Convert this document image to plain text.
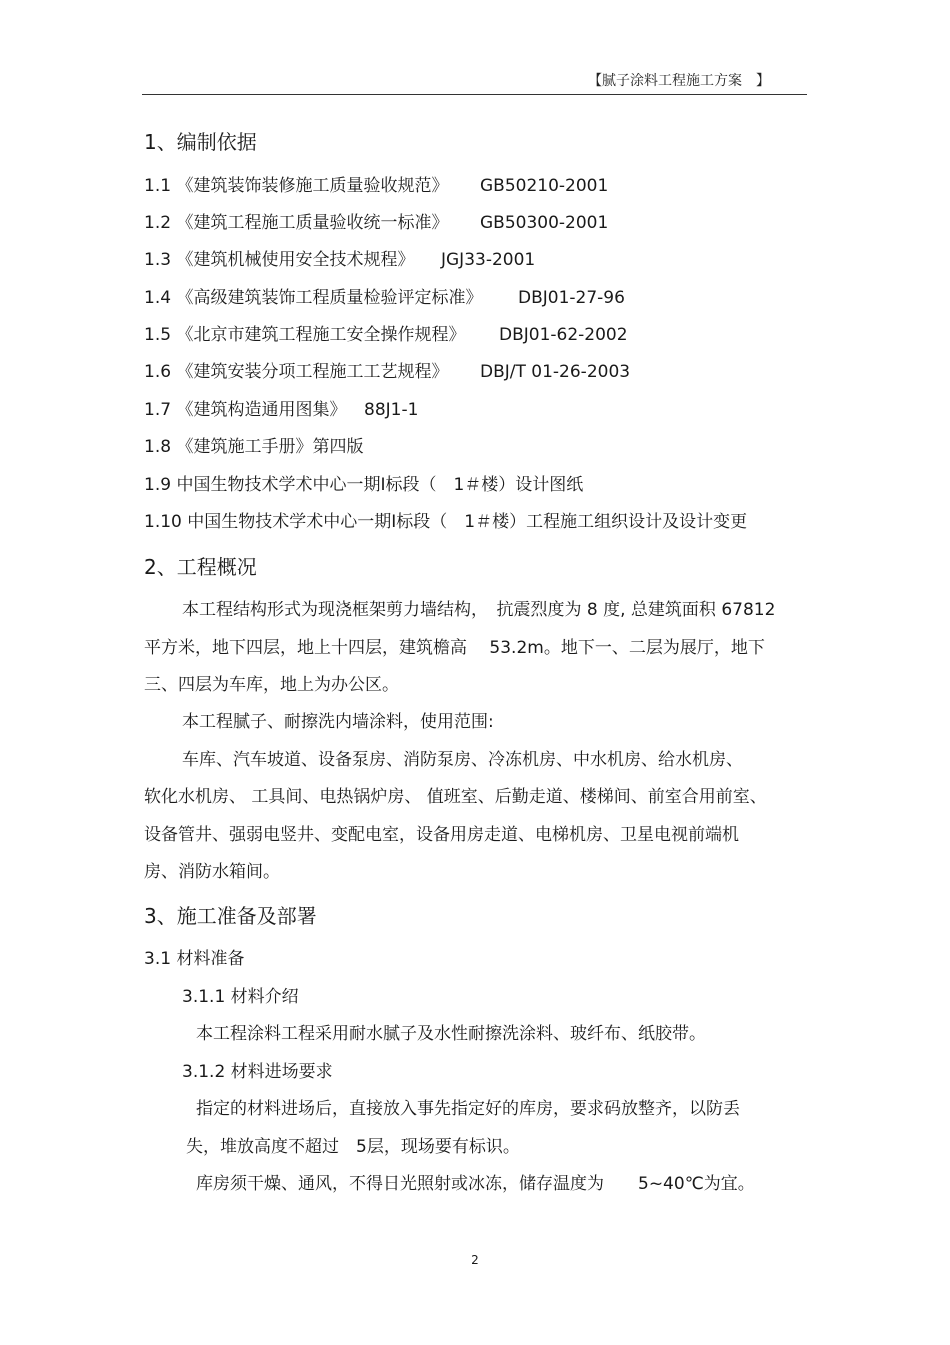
【腻子涂料工程施工方案　】
1、编制依据
1.1 《建筑装饰装修施工质量验收规范》 GB50210-2001
1.2 《建筑工程施工质量验收统一标准》 GB50300-2001
1.3 《建筑机械使用安全技术规程》 JGJ33-2001
1.4 《高级建筑装饰工程质量检验评定标准》 DBJ01-27-96
1.5 《北京市建筑工程施工安全操作规程》 DBJ01-62-2002
1.6 《建筑安装分项工程施工工艺规程》 DBJ/T 01-26-2003
1.7 《建筑构造通用图集》 88J1-1
1.8 《建筑施工手册》第四版
1.9 中国生物技术学术中心一期Ⅰ标段（　1＃楼）设计图纸
1.10 中国生物技术学术中心一期Ⅰ标段（　1＃楼）工程施工组织设计及设计变更
2、工程概况
本工程结构形式为现浇框架剪力墙结构，　抗震烈度为 8 度, 总建筑面积 67812
平方米，地下四层，地上十四层，建筑檐高　 53.2m。地下一、二层为展厅，地下
三、四层为车库，地上为办公区。
本工程腻子、耐擦洗内墙涂料，使用范围:
车库、汽车坡道、设备泵房、消防泵房、冷冻机房、中水机房、给水机房、
软化水机房、 工具间、电热锅炉房、 值班室、后勤走道、楼梯间、前室合用前室、
设备管井、强弱电竖井、变配电室，设备用房走道、电梯机房、卫星电视前端机
房、消防水箱间。
3、施工准备及部署
3.1 材料准备
3.1.1 材料介绍
本工程涂料工程采用耐水腻子及水性耐擦洗涂料、玻纤布、纸胶带。
3.1.2 材料进场要求
指定的材料进场后，直接放入事先指定好的库房，要求码放整齐，以防丢
失，堆放高度不超过　5层，现场要有标识。
库房须干燥、通风，不得日光照射或冰冻，储存温度为　　5~40℃为宜。
2
